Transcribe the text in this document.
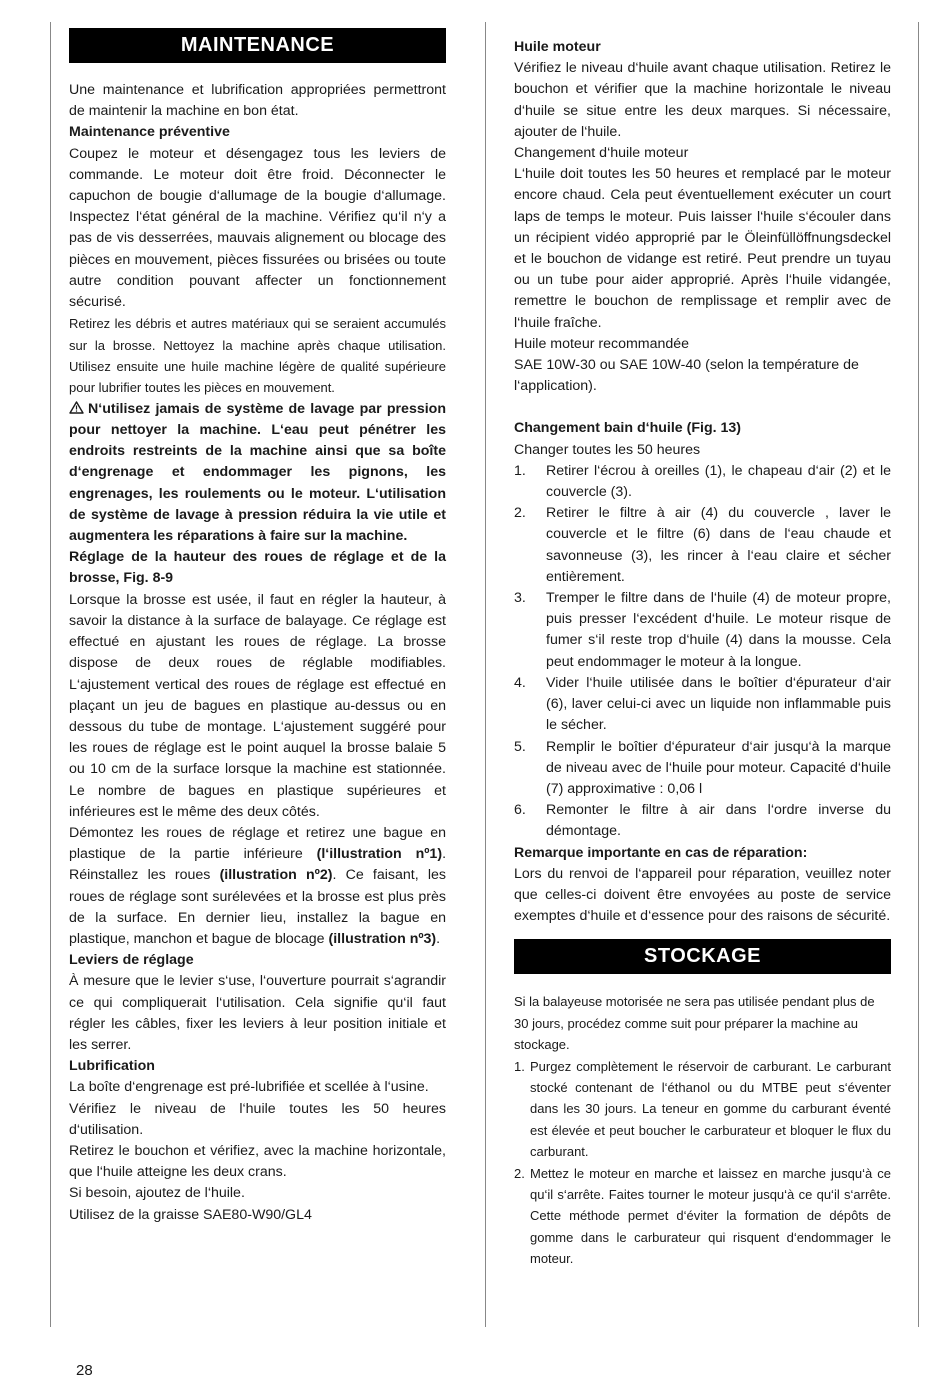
MAINTENANCE

Une maintenance et lubrification appropriées permettront de maintenir la machine en bon état.

Maintenance préventive

Coupez le moteur et désengagez tous les leviers de commande. Le moteur doit être froid. Déconnecter le capuchon de bougie d‘allumage de la bougie d‘allumage. Inspectez l‘état général de la machine. Vérifiez qu‘il n‘y a pas de vis desserrées, mauvais alignement ou blocage des pièces en mouvement, pièces fissurées ou brisées ou toute autre condition pouvant affecter un fonctionnement sécurisé.

Retirez les débris et autres matériaux qui se seraient accumulés sur la brosse. Nettoyez la machine après chaque utilisation. Utilisez ensuite une huile machine légère de qualité supérieure pour lubrifier toutes les pièces en mouvement.

N‘utilisez jamais de système de lavage par pression pour nettoyer la machine. L‘eau peut pénétrer les endroits restreints de la machine ainsi que sa boîte d‘engrenage et endommager les pignons, les engrenages, les roulements ou le moteur. L‘utilisation de système de lavage à pression réduira la vie utile et augmentera les réparations à faire sur la machine.

Réglage de la hauteur des roues de réglage et de la brosse, Fig. 8-9

Lorsque la brosse est usée, il faut en régler la hauteur, à savoir la distance à la surface de balayage. Ce réglage est effectué en ajustant les roues de réglage. La brosse dispose de deux roues de réglable modifiables. L‘ajustement vertical des roues de réglage est effectué en plaçant un jeu de bagues en plastique au-dessus ou en dessous du tube de montage. L‘ajustement suggéré pour les roues de réglage est le point auquel la brosse balaie 5 ou 10 cm de la surface lorsque la machine est stationnée. Le nombre de bagues en plastique supérieures et inférieures est le même des deux côtés.

Démontez les roues de réglage et retirez une bague en plastique de la partie inférieure (l‘illustration nº1). Réinstallez les roues (illustration nº2). Ce faisant, les roues de réglage sont surélevées et la brosse est plus près de la surface. En dernier lieu, installez la bague en plastique, manchon et bague de blocage (illustration nº3).

Leviers de réglage

À mesure que le levier s‘use, l‘ouverture pourrait s‘agrandir ce qui compliquerait l‘utilisation. Cela signifie qu‘il faut régler les câbles, fixer les leviers à leur position initiale et les serrer.

Lubrification

La boîte d‘engrenage est pré-lubrifiée et scellée à l‘usine.

Vérifiez le niveau de l‘huile toutes les 50 heures d‘utilisation.

Retirez le bouchon et vérifiez, avec la machine horizontale, que l‘huile atteigne les deux crans.

Si besoin, ajoutez de l‘huile.

Utilisez de la graisse SAE80-W90/GL4

Huile moteur

Vérifiez le niveau d‘huile avant chaque utilisation. Retirez le bouchon et vérifier que la machine horizontale le niveau d‘huile se situe entre les deux marques. Si nécessaire, ajouter de l‘huile.

Changement d‘huile moteur

L‘huile doit toutes les 50 heures et remplacé par le moteur encore chaud. Cela peut éventuellement exécuter un court laps de temps le moteur. Puis laisser l‘huile s‘écouler dans un récipient vidéo approprié par le Öleinfüllöffnungsdeckel et le bouchon de vidange est retiré. Peut prendre un tuyau ou un tube pour aider approprié. Après l‘huile vidangée, remettre le bouchon de remplissage et remplir avec de l‘huile fraîche.

Huile moteur recommandée

SAE 10W-30 ou SAE 10W-40 (selon la température de l‘application).

Changement bain d‘huile (Fig. 13)

Changer toutes les 50 heures

1. Retirer l‘écrou à oreilles (1), le chapeau d‘air (2) et le couvercle (3).
2. Retirer le filtre à air (4) du couvercle , laver le couvercle et le filtre (6) dans de l‘eau chaude et savonneuse (3), les rincer à l‘eau claire et sécher entièrement.
3. Tremper le filtre dans de l‘huile (4) de moteur propre, puis presser l‘excédent d‘huile. Le moteur risque de fumer s‘il reste trop d‘huile (4) dans la mousse. Cela peut endommager le moteur à la longue.
4. Vider l‘huile utilisée dans le boîtier d‘épurateur d‘air (6), laver celui-ci avec un liquide non inflammable puis le sécher.
5. Remplir le boîtier d‘épurateur d‘air jusqu‘à la marque de niveau avec de l‘huile pour moteur. Capacité d‘huile (7) approximative : 0,06 l
6. Remonter le filtre à air dans l‘ordre inverse du démontage.

Remarque importante en cas de réparation:

Lors du renvoi de l‘appareil pour réparation, veuillez noter que celles-ci doivent être envoyées au poste de service exemptes d‘huile et d‘essence pour des raisons de sécurité.

STOCKAGE

Si la balayeuse motorisée ne sera pas utilisée pendant plus de 30 jours, procédez comme suit pour préparer la machine au stockage.

1. Purgez complètement le réservoir de carburant. Le carburant stocké contenant de l‘éthanol ou du MTBE peut s‘éventer dans les 30 jours. La teneur en gomme du carburant éventé est élevée et peut boucher le carburateur et bloquer le flux du carburant.
2. Mettez le moteur en marche et laissez en marche jusqu‘à ce qu‘il s‘arrête. Faites tourner le moteur jusqu‘à ce qu‘il s‘arrête. Cette méthode permet d‘éviter la formation de dépôts de gomme dans le carburateur qui risquent d‘endommager le moteur.
28
